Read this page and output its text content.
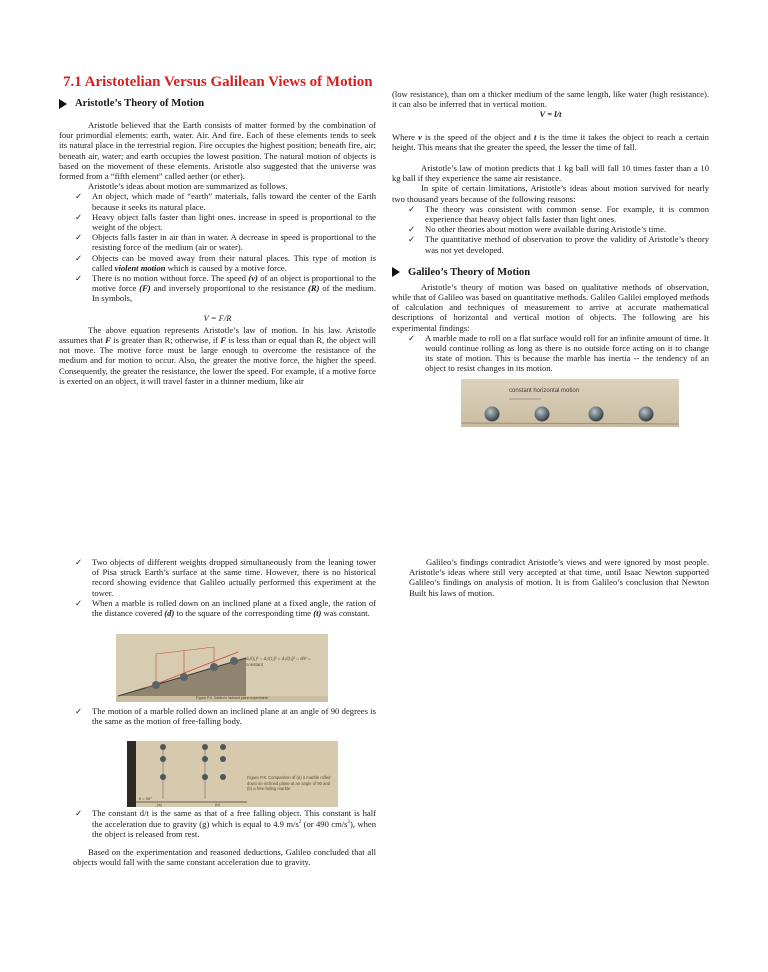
7.1 Aristotelian Versus Galilean Views of Motion
Aristotle’s Theory of Motion

Aristotle believed that the Earth consists of matter formed by the combination of four primordial elements: earth, water. Air. And fire. Each of these elements tends to seek its natural place in the terrestrial region. Fire occupies the highest position; beneath fire, air; beneath air, water; and earth occupies the lowest position. The natural motion of objects is based on the movement of these elements. Aristotle also suggested that the universe was formed from a “fifth element” called aether (or ether).

Aristotle’s ideas about motion are summarized as follows.

✓ An object, which made of “earth” materials, falls toward the center of the Earth because it seeks its natural place.
✓ Heavy object falls faster than light ones. increase in speed is proportional to the weight of the object.
✓ Objects falls faster in air than in water. A decrease in speed is proportional to the resisting force of the medium (air or water).
✓ Objects can be moved away from their natural places. This type of motion is called violent motion which is caused by a motive force.
✓ There is no motion without force. The speed (v) of an object is proportional to the motive force (F) and inversely proportional to the resistance (R) of the medium. In symbols,
V = F/R

The above equation represents Aristotle’s law of motion. In his law. Aristotle assumes that F is greater than R; otherwise, if F is less than or equal than R, the object will not move. The motive force must be large enough to overcome the resistance of the medium and for motion to occur. Also, the greater the motive force, the higher the speed. Consequently, the greater the resistance, the lower the speed. For example, if a motive force is exerted on an object, it will travel faster in a thinner medium, like air

(low resistance), than om a thicker medium of the same length, like water (high resistance). it can also be inferred that in vertical motion.

V = l/t

Where v is the speed of the object and t is the time it takes the object to reach a certain height. This means that the greater the speed, the lesser the time of fall.

Aristotle’s law of motion predicts that 1 kg ball will fall 10 times faster than a 10 kg ball if they experience the same air resistance.

In spite of certain limitations, Aristotle’s ideas about motion survived for nearly two thousand years because of the following reasons:

✓ The theory was consistent with common sense. For example, it is common experience that heavy object falls faster than light ones.
✓ No other theories about motion were available during Aristotle’s time.
✓ The quantitative method of observation to prove the validity of Aristotle’s theory was not yet developed.
Galileo’s Theory of Motion

Aristotle’s theory of motion was based on qualitative methods of observation, while that of Galileo was based on quantitative methods. Galileo Galilei employed methods of calculation and techniques of measurement to arrive at accurate mathematical descriptions of horizontal and vertical motion of objects. The following are his experimental findings:

✓ A marble made to roll on a flat surface would roll for an infinite amount of time. It would continue rolling as long as there is no outside force acting on it to change its state of motion. This is because the marble has inertia -- the tendency of an object to resist changes in its motion.
constant horizontal motion
✓ Two objects of different weights dropped simultaneously from the leaning tower of Pisa struck Earth’s surface at the same time. However, there is no historical record showing evidence that Galileo actually performed this experiment at the tower.
✓ When a marble is rolled down on an inclined plane at a fixed angle, the ration of the distance covered (d) to the square of the corresponding time (t) was constant.
✓ The motion of a marble rolled down an inclined plane at an angle of 90 degrees is the same as the motion of free-falling body.
✓ The constant d/t is the same as that of a free falling object. This constant is half the acceleration due to gravity (g) which is equal to 4.9 $m/s^2$ (or 490 $cm/s^2$), when the object is released from rest.

Based on the experimentation and reasoned deductions, Galileo concluded that all objects would fall with the same constant acceleration due to gravity.

d₁/(t₁)² = d₂/(t₂)² = d₃/(t₃)² = d/t² = constant
Figure P.9. Galileo's inclined plane experiment
θ = 90°
(a)	(b)
Figure P.8. Comparison of (a) a marble rolled down an inclined plane at an angle of 90 and (b) a free-falling marble

Galileo’s findings contradict Aristotle’s views and were ignored by most people. Aristotle’s ideas where still very accepted at that time, until Isaac Newton supported Galileo’s findings on analysis of motion. It is from Galileo’s conclusion that Newton Built his laws of motion.
